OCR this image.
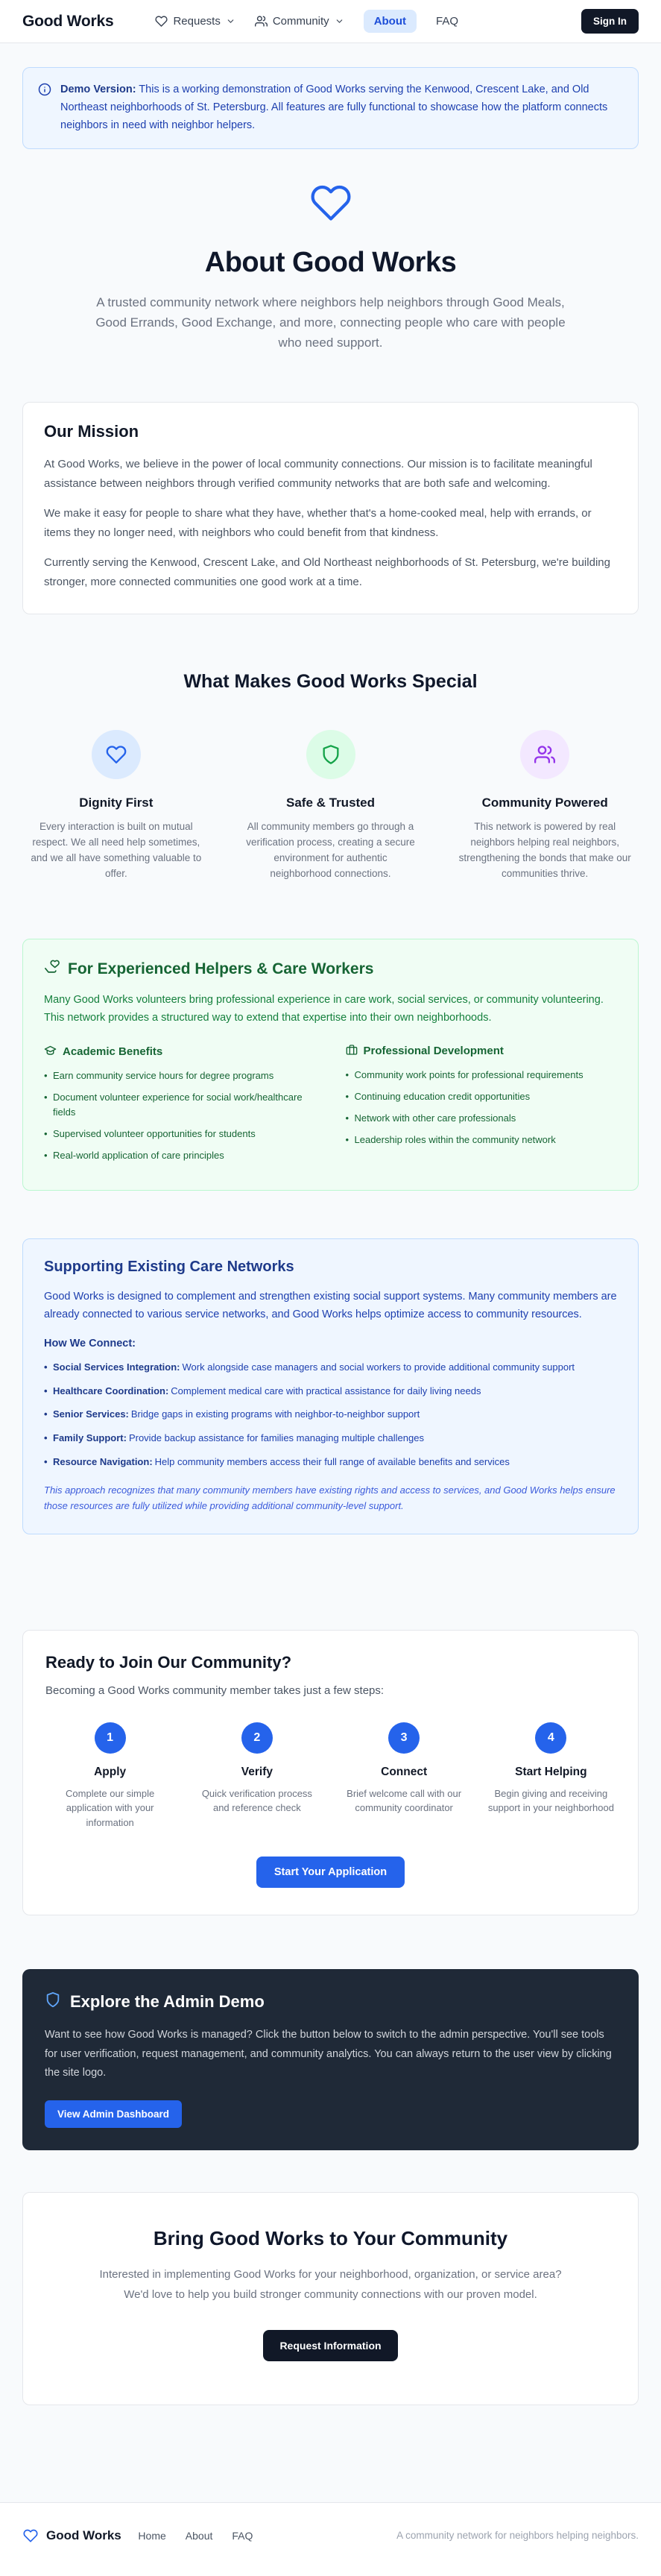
Good Works	Requests	Community	About	FAQ	Sign In
Demo Version: This is a working demonstration of Good Works serving the Kenwood, Crescent Lake, and Old Northeast neighborhoods of St. Petersburg. All features are fully functional to showcase how the platform connects neighbors in need with neighbor helpers.
About Good Works

A trusted community network where neighbors help neighbors through Good Meals, Good Errands, Good Exchange, and more, connecting people who care with people who need support.

Our Mission

At Good Works, we believe in the power of local community connections. Our mission is to facilitate meaningful assistance between neighbors through verified community networks that are both safe and welcoming.

We make it easy for people to share what they have, whether that's a home-cooked meal, help with errands, or items they no longer need, with neighbors who could benefit from that kindness.

Currently serving the Kenwood, Crescent Lake, and Old Northeast neighborhoods of St. Petersburg, we're building stronger, more connected communities one good work at a time.

What Makes Good Works Special
Dignity First

Every interaction is built on mutual respect. We all need help sometimes, and we all have something valuable to offer.

Safe & Trusted

All community members go through a verification process, creating a secure environment for authentic neighborhood connections.

Community Powered

This network is powered by real neighbors helping real neighbors, strengthening the bonds that make our communities thrive.

For Experienced Helpers & Care Workers

Many Good Works volunteers bring professional experience in care work, social services, or community volunteering. This network provides a structured way to extend that expertise into their own neighborhoods.

Academic Benefits
• Earn community service hours for degree programs
• Document volunteer experience for social work/healthcare fields
• Supervised volunteer opportunities for students
• Real-world application of care principles
Professional Development
• Community work points for professional requirements
• Continuing education credit opportunities
• Network with other care professionals
• Leadership roles within the community network
Supporting Existing Care Networks

Good Works is designed to complement and strengthen existing social support systems. Many community members are already connected to various service networks, and Good Works helps optimize access to community resources.

How We Connect:
• Social Services Integration: Work alongside case managers and social workers to provide additional community support
• Healthcare Coordination: Complement medical care with practical assistance for daily living needs
• Senior Services: Bridge gaps in existing programs with neighbor-to-neighbor support
• Family Support: Provide backup assistance for families managing multiple challenges
• Resource Navigation: Help community members access their full range of available benefits and services

This approach recognizes that many community members have existing rights and access to services, and Good Works helps ensure those resources are fully utilized while providing additional community-level support.

Ready to Join Our Community?

Becoming a Good Works community member takes just a few steps:

1
Apply

Complete our simple application with your information

2
Verify

Quick verification process and reference check

3
Connect

Brief welcome call with our community coordinator

4
Start Helping

Begin giving and receiving support in your neighborhood

Start Your Application
Explore the Admin Demo

Want to see how Good Works is managed? Click the button below to switch to the admin perspective. You'll see tools for user verification, request management, and community analytics. You can always return to the user view by clicking the site logo.

View Admin Dashboard
Bring Good Works to Your Community

Interested in implementing Good Works for your neighborhood, organization, or service area?
We'd love to help you build stronger community connections with our proven model.

Request Information
Good Works Home About FAQ	A community network for neighbors helping neighbors.
